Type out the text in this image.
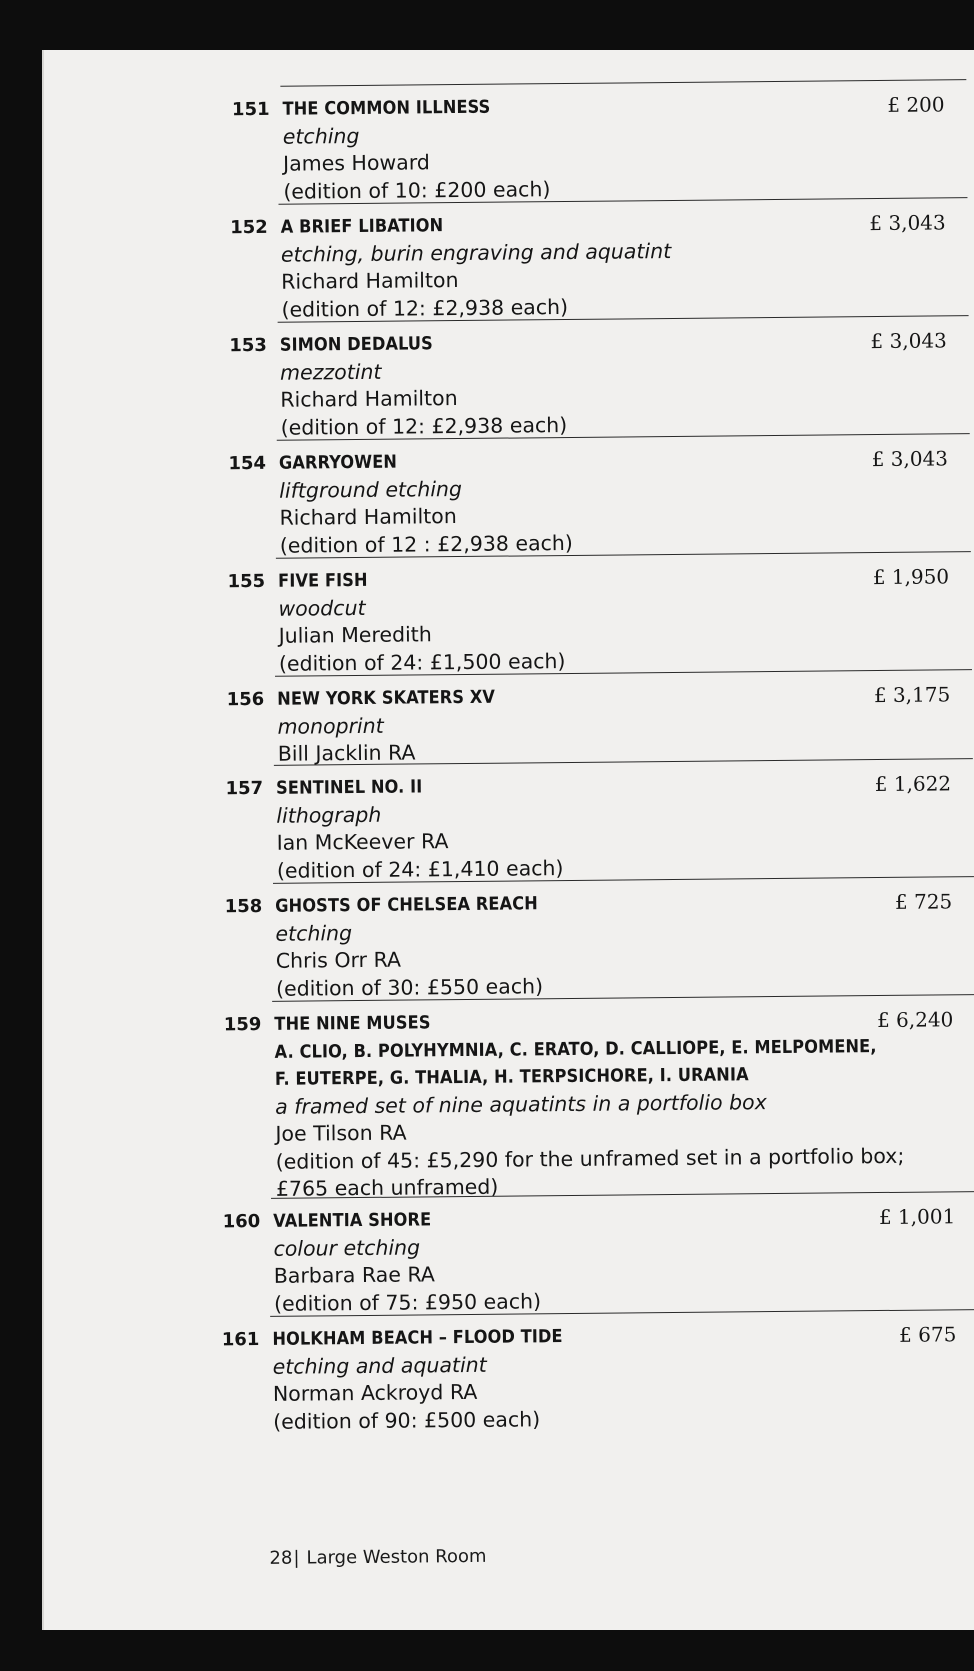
151 THE COMMON ILLNESS
etching
James Howard
(edition of 10: £200 each)
£ 200
152 A BRIEF LIBATION
etching, burin engraving and aquatint
Richard Hamilton
(edition of 12: £2,938 each)
£ 3,043
153 SIMON DEDALUS
mezzotint
Richard Hamilton
(edition of 12: £2,938 each)
£ 3,043
154 GARRYOWEN
liftground etching
Richard Hamilton
(edition of 12 : £2,938 each)
£ 3,043
155 FIVE FISH
woodcut
Julian Meredith
(edition of 24: £1,500 each)
£ 1,950
156 NEW YORK SKATERS XV
monoprint
Bill Jacklin RA
£ 3,175
157 SENTINEL NO. II
lithograph
Ian McKeever RA
(edition of 24: £1,410 each)
£ 1,622
158 GHOSTS OF CHELSEA REACH
etching
Chris Orr RA
(edition of 30: £550 each)
£ 725
159 THE NINE MUSES
A. CLIO, B. POLYHYMNIA, C. ERATO, D. CALLIOPE, E. MELPOMENE,
F. EUTERPE, G. THALIA, H. TERPSICHORE, I. URANIA
a framed set of nine aquatints in a portfolio box
Joe Tilson RA
(edition of 45: £5,290 for the unframed set in a portfolio box;
£765 each unframed)
£ 6,240
160 VALENTIA SHORE
colour etching
Barbara Rae RA
(edition of 75: £950 each)
£ 1,001
161 HOLKHAM BEACH – FLOOD TIDE
etching and aquatint
Norman Ackroyd RA
(edition of 90: £500 each)
£ 675
28 | Large Weston Room
